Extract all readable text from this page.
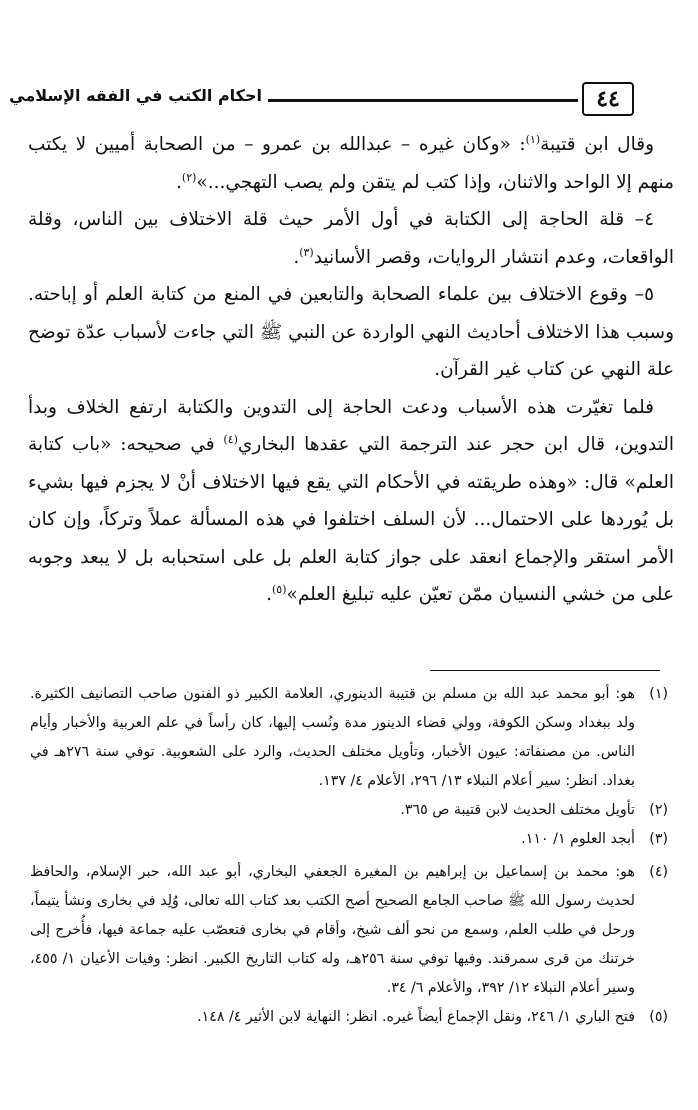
٤٤
احكام الكتب في الفقه الإسلامي

وقال ابن قتيبة$^{(١)}$: «وكان غيره – عبدالله بن عمرو – من الصحابة أميين لا يكتب منهم إلا الواحد والاثنان، وإذا كتب لم يتقن ولم يصب التهجي...»$^{(٢)}$.

٤– قلة الحاجة إلى الكتابة في أول الأمر حيث قلة الاختلاف بين الناس، وقلة الواقعات، وعدم انتشار الروايات، وقصر الأسانيد$^{(٣)}$.

٥– وقوع الاختلاف بين علماء الصحابة والتابعين في المنع من كتابة العلم أو إباحته. وسبب هذا الاختلاف أحاديث النهي الواردة عن النبي ﷺ التي جاءت لأسباب عدّة توضح علة النهي عن كتاب غير القرآن.

فلما تغيّرت هذه الأسباب ودعت الحاجة إلى التدوين والكتابة ارتفع الخلاف وبدأ التدوين، قال ابن حجر عند الترجمة التي عقدها البخاري$^{(٤)}$ في صحيحه: «باب كتابة العلم» قال: «وهذه طريقته في الأحكام التي يقع فيها الاختلاف أنْ لا يجزم فيها بشيء بل يُوردها على الاحتمال... لأن السلف اختلفوا في هذه المسألة عملاً وتركاً، وإن كان الأمر استقر والإجماع انعقد على جواز كتابة العلم بل على استحبابه بل لا يبعد وجوبه على من خشي النسيان ممّن تعيّن عليه تبليغ العلم»$^{(٥)}$.

(١)هو: أبو محمد عبد الله بن مسلم بن قتيبة الدينوري، العلامة الكبير ذو الفنون صاحب التصانيف الكثيرة. ولد ببغداد وسكن الكوفة، وولي قضاء الدينور مدة ونُسب إليها، كان رأساً في علم العربية والأخبار وأيام الناس. من مصنفاته: عيون الأخبار، وتأويل مختلف الحديث، والرد على الشعوبية. توفي سنة ٢٧٦هـ في بغداد. انظر: سير أعلام النبلاء ١٣/ ٢٩٦، الأعلام ٤/ ١٣٧.

(٢)تأويل مختلف الحديث لابن قتيبة ص ٣٦٥.

(٣)أبجد العلوم ١/ ١١٠.

(٤)هو: محمد بن إسماعيل بن إبراهيم بن المغيرة الجعفي البخاري، أبو عبد الله، حبر الإسلام، والحافظ لحديث رسول الله ﷺ صاحب الجامع الصحيح أصح الكتب بعد كتاب الله تعالى، وُلِد في بخارى ونشأ يتيماً، ورحل في طلب العلم، وسمع من نحو ألف شيخ، وأقام في بخارى فتعصّب عليه جماعة فيها، فأُخرج إلى خرتنك من قرى سمرقند. وفيها توفي سنة ٢٥٦هـ، وله كتاب التاريخ الكبير. انظر: وفيات الأعيان ١/ ٤٥٥، وسير أعلام النبلاء ١٢/ ٣٩٢، والأعلام ٦/ ٣٤.

(٥)فتح الباري ١/ ٢٤٦، ونقل الإجماع أيضاً غيره. انظر: النهاية لابن الأثير ٤/ ١٤٨.
